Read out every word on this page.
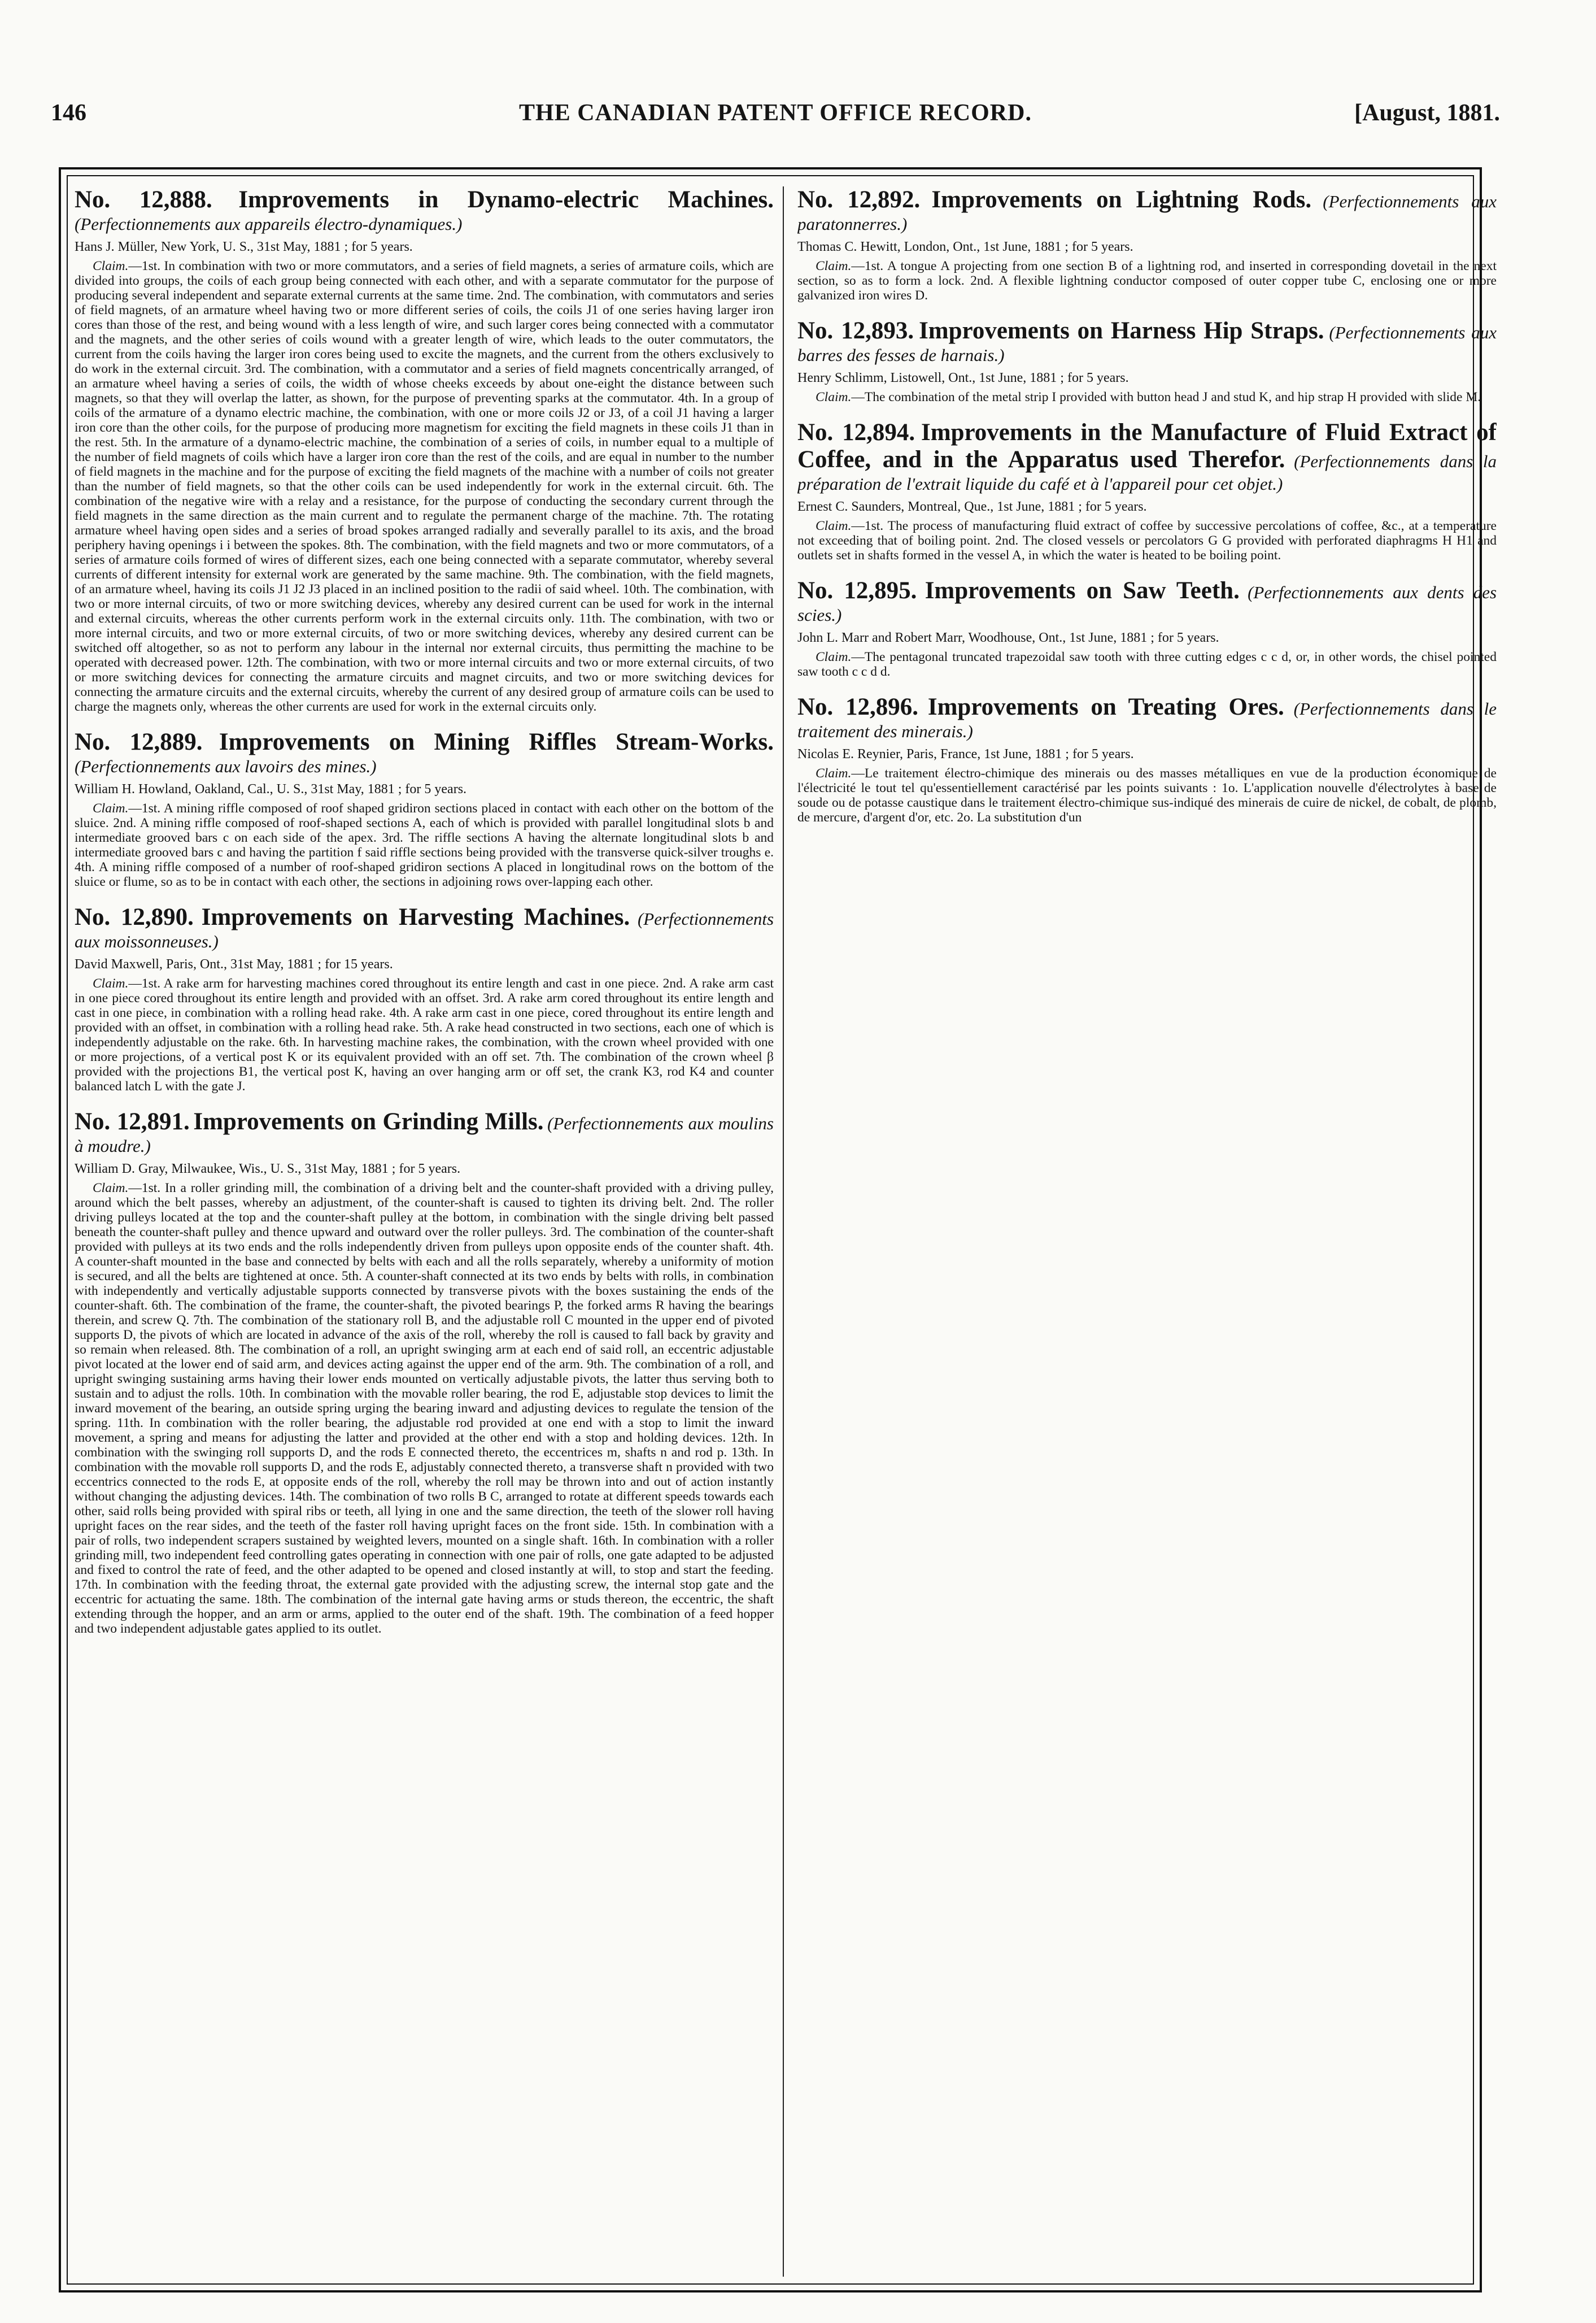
146	THE CANADIAN PATENT OFFICE RECORD.	[August, 1881.
No. 12,888. Improvements in Dynamo-electric Machines. (Perfectionnements aux appareils électro-dynamiques.)
Hans J. Müller, New York, U. S., 31st May, 1881 ; for 5 years.

Claim.—1st. In combination with two or more commutators, and a series of field magnets, a series of armature coils, which are divided into groups, the coils of each group being connected with each other, and with a separate commutator for the purpose of producing several independent and separate external currents at the same time. 2nd. The combination, with commutators and series of field magnets, of an armature wheel having two or more different series of coils, the coils J1 of one series having larger iron cores than those of the rest, and being wound with a less length of wire, and such larger cores being connected with a commutator and the magnets, and the other series of coils wound with a greater length of wire, which leads to the outer commutators, the current from the coils having the larger iron cores being used to excite the magnets, and the current from the others exclusively to do work in the external circuit. 3rd. The combination, with a commutator and a series of field magnets concentrically arranged, of an armature wheel having a series of coils, the width of whose cheeks exceeds by about one-eight the distance between such magnets, so that they will overlap the latter, as shown, for the purpose of preventing sparks at the commutator. 4th. In a group of coils of the armature of a dynamo electric machine, the combination, with one or more coils J2 or J3, of a coil J1 having a larger iron core than the other coils, for the purpose of producing more magnetism for exciting the field magnets in these coils J1 than in the rest. 5th. In the armature of a dynamo-electric machine, the combination of a series of coils, in number equal to a multiple of the number of field magnets of coils which have a larger iron core than the rest of the coils, and are equal in number to the number of field magnets in the machine and for the purpose of exciting the field magnets of the machine with a number of coils not greater than the number of field magnets, so that the other coils can be used independently for work in the external circuit. 6th. The combination of the negative wire with a relay and a resistance, for the purpose of conducting the secondary current through the field magnets in the same direction as the main current and to regulate the permanent charge of the machine. 7th. The rotating armature wheel having open sides and a series of broad spokes arranged radially and severally parallel to its axis, and the broad periphery having openings i i between the spokes. 8th. The combination, with the field magnets and two or more commutators, of a series of armature coils formed of wires of different sizes, each one being connected with a separate commutator, whereby several currents of different intensity for external work are generated by the same machine. 9th. The combination, with the field magnets, of an armature wheel, having its coils J1 J2 J3 placed in an inclined position to the radii of said wheel. 10th. The combination, with two or more internal circuits, of two or more switching devices, whereby any desired current can be used for work in the internal and external circuits, whereas the other currents perform work in the external circuits only. 11th. The combination, with two or more internal circuits, and two or more external circuits, of two or more switching devices, whereby any desired current can be switched off altogether, so as not to perform any labour in the internal nor external circuits, thus permitting the machine to be operated with decreased power. 12th. The combination, with two or more internal circuits and two or more external circuits, of two or more switching devices for connecting the armature circuits and magnet circuits, and two or more switching devices for connecting the armature circuits and the external circuits, whereby the current of any desired group of armature coils can be used to charge the magnets only, whereas the other currents are used for work in the external circuits only.

No. 12,889. Improvements on Mining Riffles Stream-Works. (Perfectionnements aux lavoirs des mines.)
William H. Howland, Oakland, Cal., U. S., 31st May, 1881 ; for 5 years.

Claim.—1st. A mining riffle composed of roof shaped gridiron sections placed in contact with each other on the bottom of the sluice. 2nd. A mining riffle composed of roof-shaped sections A, each of which is provided with parallel longitudinal slots b and intermediate grooved bars c on each side of the apex. 3rd. The riffle sections A having the alternate longitudinal slots b and intermediate grooved bars c and having the partition f said riffle sections being provided with the transverse quick-silver troughs e. 4th. A mining riffle composed of a number of roof-shaped gridiron sections A placed in longitudinal rows on the bottom of the sluice or flume, so as to be in contact with each other, the sections in adjoining rows over-lapping each other.

No. 12,890. Improvements on Harvesting Machines. (Perfectionnements aux moissonneuses.)
David Maxwell, Paris, Ont., 31st May, 1881 ; for 15 years.

Claim.—1st. A rake arm for harvesting machines cored throughout its entire length and cast in one piece. 2nd. A rake arm cast in one piece cored throughout its entire length and provided with an offset. 3rd. A rake arm cored throughout its entire length and cast in one piece, in combination with a rolling head rake. 4th. A rake arm cast in one piece, cored throughout its entire length and provided with an offset, in combination with a rolling head rake. 5th. A rake head constructed in two sections, each one of which is independently adjustable on the rake. 6th. In harvesting machine rakes, the combination, with the crown wheel provided with one or more projections, of a vertical post K or its equivalent provided with an off set. 7th. The combination of the crown wheel β provided with the projections B1, the vertical post K, having an over hanging arm or off set, the crank K3, rod K4 and counter balanced latch L with the gate J.

No. 12,891. Improvements on Grinding Mills. (Perfectionnements aux moulins à moudre.)
William D. Gray, Milwaukee, Wis., U. S., 31st May, 1881 ; for 5 years.

Claim.—1st. In a roller grinding mill, the combination of a driving belt and the counter-shaft provided with a driving pulley, around which the belt passes, whereby an adjustment, of the counter-shaft is caused to tighten its driving belt. 2nd. The roller driving pulleys located at the top and the counter-shaft pulley at the bottom, in combination with the single driving belt passed beneath the counter-shaft pulley and thence upward and outward over the roller pulleys. 3rd. The combination of the counter-shaft provided with pulleys at its two ends and the rolls independently driven from pulleys upon opposite ends of the counter shaft. 4th. A counter-shaft mounted in the base and connected by belts with each and all the rolls separately, whereby a uniformity of motion is secured, and all the belts are tightened at once. 5th. A counter-shaft connected at its two ends by belts with rolls, in combination with independently and vertically adjustable supports connected by transverse pivots with the boxes sustaining the ends of the counter-shaft. 6th. The combination of the frame, the counter-shaft, the pivoted bearings P, the forked arms R having the bearings therein, and screw Q. 7th. The combination of the stationary roll B, and the adjustable roll C mounted in the upper end of pivoted supports D, the pivots of which are located in advance of the axis of the roll, whereby the roll is caused to fall back by gravity and so remain when released. 8th. The combination of a roll, an upright swinging arm at each end of said roll, an eccentric adjustable pivot located at the lower end of said arm, and devices acting against the upper end of the arm. 9th. The combination of a roll, and upright swinging sustaining arms having their lower ends mounted on vertically adjustable pivots, the latter thus serving both to sustain and to adjust the rolls. 10th. In combination with the movable roller bearing, the rod E, adjustable stop devices to limit the inward movement of the bearing, an outside spring urging the bearing inward and adjusting devices to regulate the tension of the spring. 11th. In combination with the roller bearing, the adjustable rod provided at one end with a stop to limit the inward movement, a spring and means for adjusting the latter and provided at the other end with a stop and holding devices. 12th. In combination with the swinging roll supports D, and the rods E connected thereto, the eccentrices m, shafts n and rod p. 13th. In combination with the movable roll supports D, and the rods E, adjustably connected thereto, a transverse shaft n provided with two eccentrics connected to the rods E, at opposite ends of the roll, whereby the roll may be thrown into and out of action instantly without changing the adjusting devices. 14th. The combination of two rolls B C, arranged to rotate at different speeds towards each other, said rolls being provided with spiral ribs or teeth, all lying in one and the same direction, the teeth of the slower roll having upright faces on the rear sides, and the teeth of the faster roll having upright faces on the front side. 15th. In combination with a pair of rolls, two independent scrapers sustained by weighted levers, mounted on a single shaft. 16th. In combination with a roller grinding mill, two independent feed controlling gates operating in connection with one pair of rolls, one gate adapted to be adjusted and fixed to control the rate of feed, and the other adapted to be opened and closed instantly at will, to stop and start the feeding. 17th. In combination with the feeding throat, the external gate provided with the adjusting screw, the internal stop gate and the eccentric for actuating the same. 18th. The combination of the internal gate having arms or studs thereon, the eccentric, the shaft extending through the hopper, and an arm or arms, applied to the outer end of the shaft. 19th. The combination of a feed hopper and two independent adjustable gates applied to its outlet.

No. 12,892. Improvements on Lightning Rods. (Perfectionnements aux paratonnerres.)
Thomas C. Hewitt, London, Ont., 1st June, 1881 ; for 5 years.

Claim.—1st. A tongue A projecting from one section B of a lightning rod, and inserted in corresponding dovetail in the next section, so as to form a lock. 2nd. A flexible lightning conductor composed of outer copper tube C, enclosing one or more galvanized iron wires D.

No. 12,893. Improvements on Harness Hip Straps. (Perfectionnements aux barres des fesses de harnais.)
Henry Schlimm, Listowell, Ont., 1st June, 1881 ; for 5 years.

Claim.—The combination of the metal strip I provided with button head J and stud K, and hip strap H provided with slide M.

No. 12,894. Improvements in the Manufacture of Fluid Extract of Coffee, and in the Apparatus used Therefor. (Perfectionnements dans la préparation de l'extrait liquide du café et à l'appareil pour cet objet.)
Ernest C. Saunders, Montreal, Que., 1st June, 1881 ; for 5 years.

Claim.—1st. The process of manufacturing fluid extract of coffee by successive percolations of coffee, &c., at a temperature not exceeding that of boiling point. 2nd. The closed vessels or percolators G G provided with perforated diaphragms H H1 and outlets set in shafts formed in the vessel A, in which the water is heated to be boiling point.

No. 12,895. Improvements on Saw Teeth. (Perfectionnements aux dents des scies.)
John L. Marr and Robert Marr, Woodhouse, Ont., 1st June, 1881 ; for 5 years.

Claim.—The pentagonal truncated trapezoidal saw tooth with three cutting edges c c d, or, in other words, the chisel pointed saw tooth c c d d.

No. 12,896. Improvements on Treating Ores. (Perfectionnements dans le traitement des minerais.)
Nicolas E. Reynier, Paris, France, 1st June, 1881 ; for 5 years.

Claim.—Le traitement électro-chimique des minerais ou des masses métalliques en vue de la production économique de l'électricité le tout tel qu'essentiellement caractérisé par les points suivants : 1o. L'application nouvelle d'électrolytes à base de soude ou de potasse caustique dans le traitement électro-chimique sus-indiqué des minerais de cuire de nickel, de cobalt, de plomb, de mercure, d'argent d'or, etc. 2o. La substitution d'un
